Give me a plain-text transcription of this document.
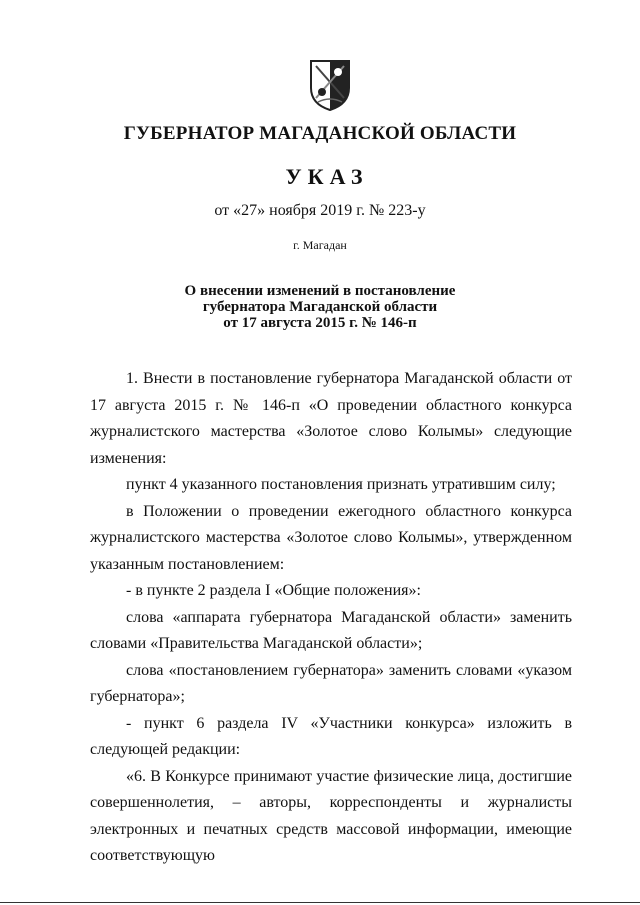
ГУБЕРНАТОР МАГАДАНСКОЙ ОБЛАСТИ
УКАЗ
от «27» ноября 2019 г. № 223-у
г. Магадан
О внесении изменений в постановление
губернатора Магаданской области
от 17 августа 2015 г. № 146-п

1. Внести в постановление губернатора Магаданской области от 17 августа 2015 г. № 146-п «О проведении областного конкурса журналистского мастерства «Золотое слово Колымы» следующие изменения:

пункт 4 указанного постановления признать утратившим силу;

в Положении о проведении ежегодного областного конкурса журналистского мастерства «Золотое слово Колымы», утвержденном указанным постановлением:

- в пункте 2 раздела I «Общие положения»:

слова «аппарата губернатора Магаданской области» заменить словами «Правительства Магаданской области»;

слова «постановлением губернатора» заменить словами «указом губернатора»;

- пункт 6 раздела IV «Участники конкурса» изложить в следующей редакции:

«6. В Конкурсе принимают участие физические лица, достигшие совершеннолетия, – авторы, корреспонденты и журналисты электронных и печатных средств массовой информации, имеющие соответствующую
